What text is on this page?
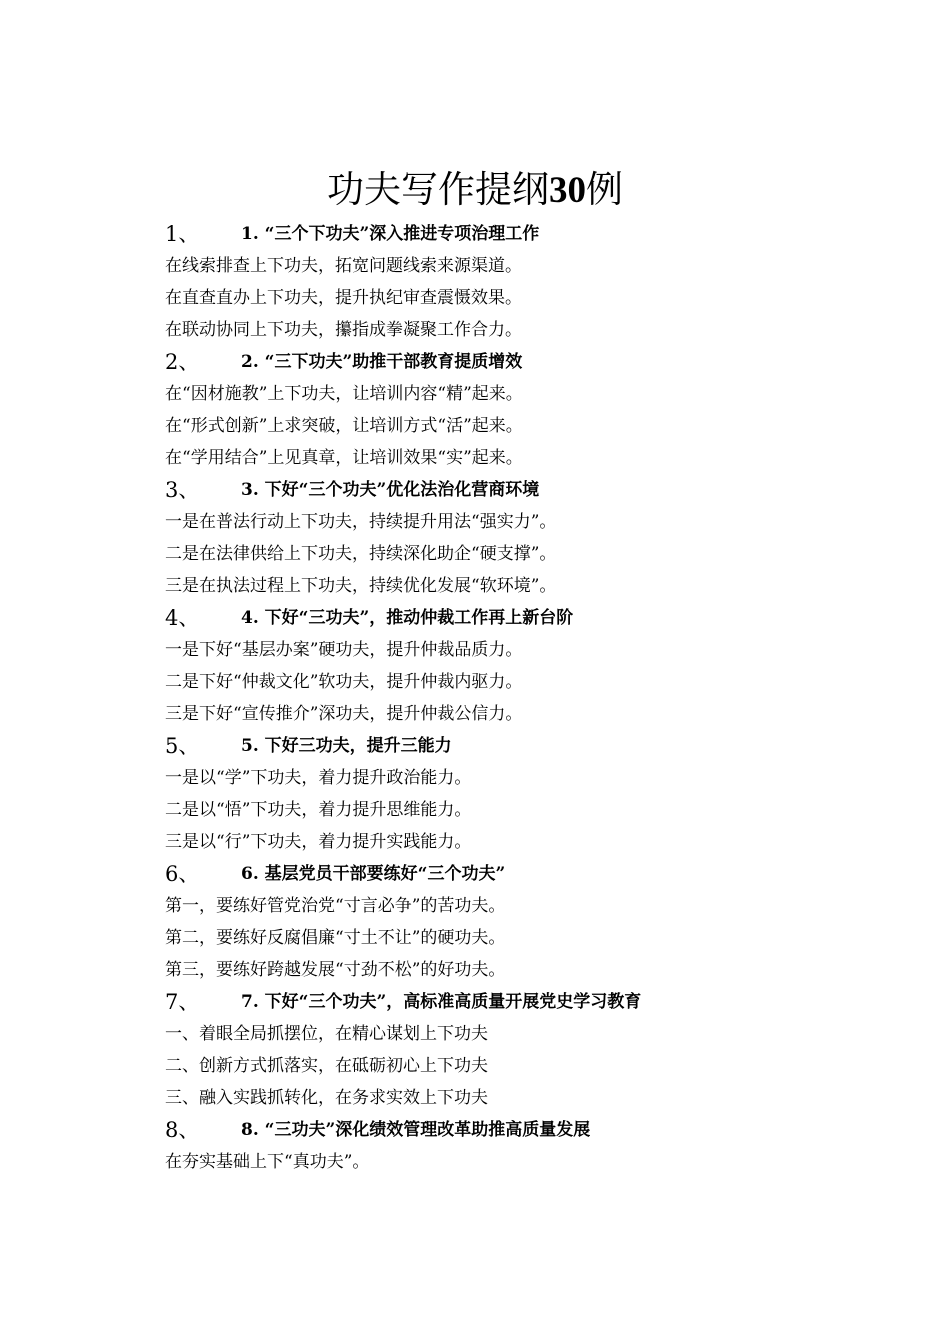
功夫写作提纲30例
1、	1. “三个下功夫”深入推进专项治理工作
在线索排查上下功夫，拓宽问题线索来源渠道。
在直查直办上下功夫，提升执纪审查震慑效果。
在联动协同上下功夫，攥指成拳凝聚工作合力。
2、	2. “三下功夫”助推干部教育提质增效
在“因材施教”上下功夫，让培训内容“精”起来。
在“形式创新”上求突破，让培训方式“活”起来。
在“学用结合”上见真章，让培训效果“实”起来。
3、	3. 下好“三个功夫”优化法治化营商环境
一是在普法行动上下功夫，持续提升用法“强实力”。
二是在法律供给上下功夫，持续深化助企“硬支撑”。
三是在执法过程上下功夫，持续优化发展“软环境”。
4、	4. 下好“三功夫”，推动仲裁工作再上新台阶
一是下好“基层办案”硬功夫，提升仲裁品质力。
二是下好“仲裁文化”软功夫，提升仲裁内驱力。
三是下好“宣传推介”深功夫，提升仲裁公信力。
5、	5. 下好三功夫，提升三能力
一是以“学”下功夫，着力提升政治能力。
二是以“悟”下功夫，着力提升思维能力。
三是以“行”下功夫，着力提升实践能力。
6、	6. 基层党员干部要练好“三个功夫”
第一，要练好管党治党“寸言必争”的苦功夫。
第二，要练好反腐倡廉“寸土不让”的硬功夫。
第三，要练好跨越发展“寸劲不松”的好功夫。
7、	7. 下好“三个功夫”，高标准高质量开展党史学习教育
一、着眼全局抓摆位，在精心谋划上下功夫
二、创新方式抓落实，在砥砺初心上下功夫
三、融入实践抓转化，在务求实效上下功夫
8、	8. “三功夫”深化绩效管理改革助推高质量发展
在夯实基础上下“真功夫”。
